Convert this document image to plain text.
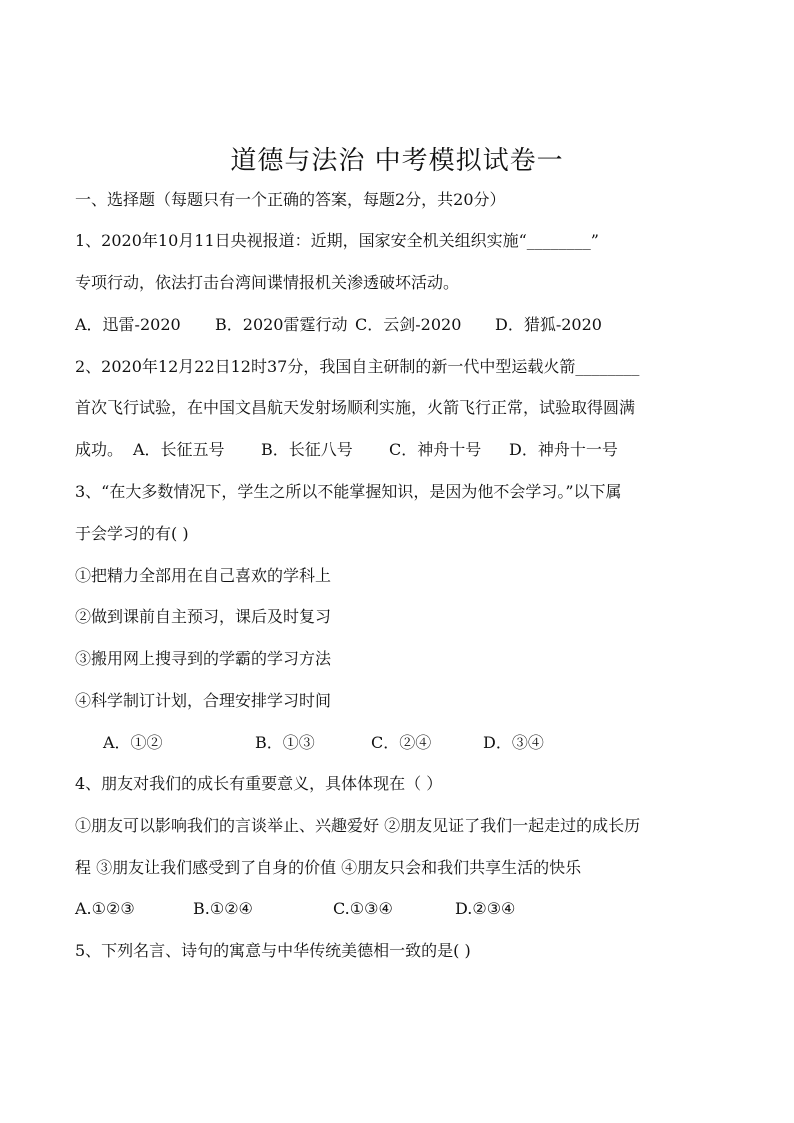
道德与法治 中考模拟试卷一
一、选择题（每题只有一个正确的答案，每题2分，共20分）
1、2020年10月11日央视报道：近期，国家安全机关组织实施“________”
专项行动，依法打击台湾间谍情报机关渗透破坏活动。
A．迅雷-2020 B．2020雷霆行动 C．云剑-2020 D．猎狐-2020
2、2020年12月22日12时37分，我国自主研制的新一代中型运载火箭________
首次飞行试验，在中国文昌航天发射场顺利实施，火箭飞行正常，试验取得圆满
成功。 A．长征五号 B．长征八号 C．神舟十号 D．神舟十一号
3、“在大多数情况下，学生之所以不能掌握知识，是因为他不会学习。”以下属
于会学习的有( )
①把精力全部用在自己喜欢的学科上
②做到课前自主预习，课后及时复习
③搬用网上搜寻到的学霸的学习方法
④科学制订计划，合理安排学习时间
A．①②	B．①③	C．②④	D．③④
4、朋友对我们的成长有重要意义，具体体现在（ ）
①朋友可以影响我们的言谈举止、兴趣爱好 ②朋友见证了我们一起走过的成长历
程 ③朋友让我们感受到了自身的价值 ④朋友只会和我们共享生活的快乐
A.①②③	B.①②④	C.①③④	D.②③④
5、下列名言、诗句的寓意与中华传统美德相一致的是( )
